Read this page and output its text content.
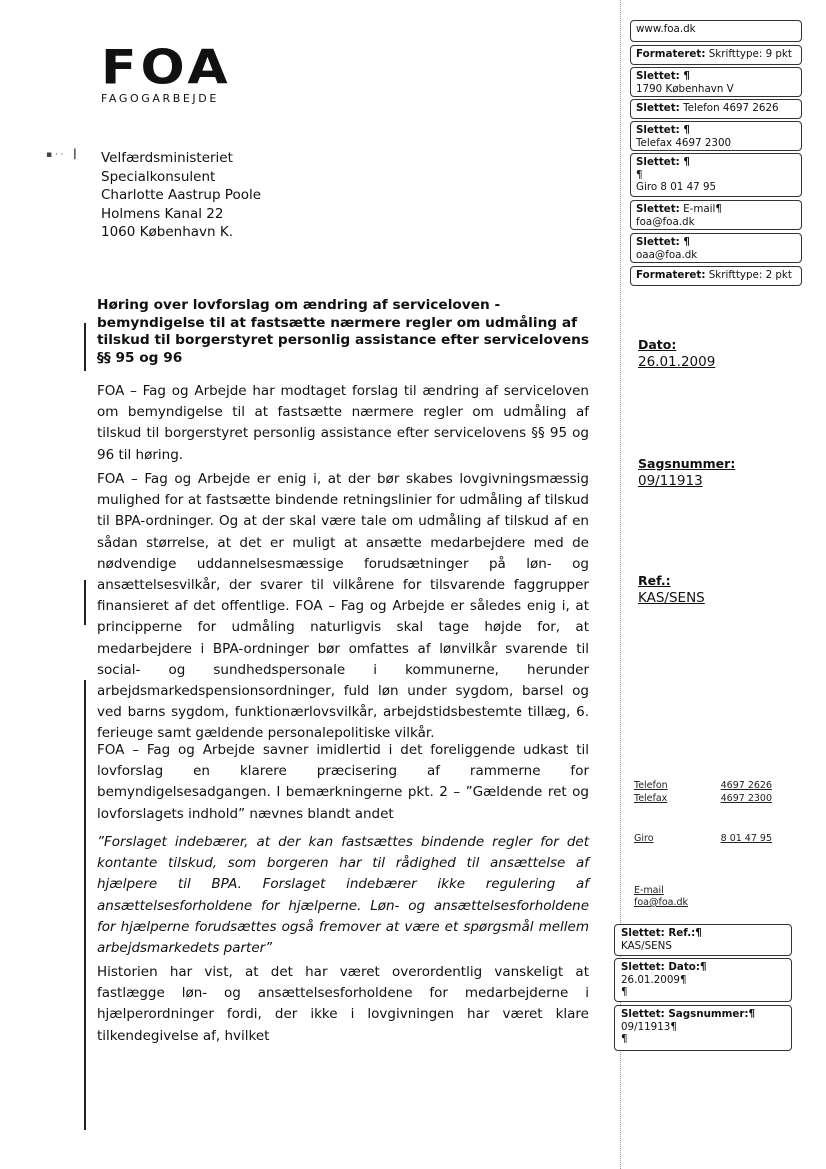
FOA
FAGOGARBEJDE
▪ · ·   ┃ Velfærdsministeriet
Specialkonsulent
Charlotte Aastrup Poole
Holmens Kanal 22
1060 København K.
Høring over lovforslag om ændring af serviceloven - bemyndigelse til at fastsætte nærmere regler om udmåling af tilskud til borgerstyret personlig assistance efter servicelovens §§ 95 og 96
FOA – Fag og Arbejde har modtaget forslag til ændring af serviceloven om bemyndigelse til at fastsætte nærmere regler om udmåling af tilskud til borgerstyret personlig assistance efter servicelovens §§ 95 og 96 til høring.
FOA – Fag og Arbejde er enig i, at der bør skabes lovgivningsmæssig mulighed for at fastsætte bindende retningslinier for udmåling af tilskud til BPA-ordninger. Og at der skal være tale om udmåling af tilskud af en sådan størrelse, at det er muligt at ansætte medarbejdere med de nødvendige uddannelsesmæssige forudsætninger på løn- og ansættelsesvilkår, der svarer til vilkårene for tilsvarende faggrupper finansieret af det offentlige. FOA – Fag og Arbejde er således enig i, at principperne for udmåling naturligvis skal tage højde for, at medarbejdere i BPA-ordninger bør omfattes af lønvilkår svarende til social- og sundhedspersonale i kommunerne, herunder arbejdsmarkedspensionsordninger, fuld løn under sygdom, barsel og ved barns sygdom, funktionærlovsvilkår, arbejdstidsbestemte tillæg, 6. ferieuge samt gældende personalepolitiske vilkår.
FOA – Fag og Arbejde savner imidlertid i det foreliggende udkast til lovforslag en klarere præcisering af rammerne for bemyndigelsesadgangen. I bemærkningerne pkt. 2 – ”Gældende ret og lovforslagets indhold” nævnes blandt andet
”Forslaget indebærer, at der kan fastsættes bindende regler for det kontante tilskud, som borgeren har til rådighed til ansættelse af hjælpere til BPA. Forslaget indebærer ikke regulering af ansættelsesforholdene for hjælperne. Løn- og ansættelsesforholdene for hjælperne forudsættes også fremover at være et spørgsmål mellem arbejdsmarkedets parter”
Historien har vist, at det har været overordentlig vanskeligt at fastlægge løn- og ansættelsesforholdene for medarbejderne i hjælperordninger fordi, der ikke i lovgivningen har været klare tilkendegivelse af, hvilket
Dato:
26.01.2009
Sagsnummer:
09/11913
Ref.:
KAS/SENS
Telefon	4697 2626
Telefax	4697 2300
Giro	8 01 47 95
E-mail
foa@foa.dk
www.foa.dk
Formateret: Skrifttype: 9 pkt
Slettet: ¶
1790 København V
Slettet: Telefon 4697 2626
Slettet: ¶
Telefax 4697 2300
Slettet: ¶
¶
Giro 8 01 47 95
Slettet: E-mail¶
foa@foa.dk
Slettet: ¶
oaa@foa.dk
Formateret: Skrifttype: 2 pkt
Slettet: Ref.:¶
KAS/SENS
Slettet: Dato:¶
26.01.2009¶
¶
Slettet: Sagsnummer:¶
09/11913¶
¶
